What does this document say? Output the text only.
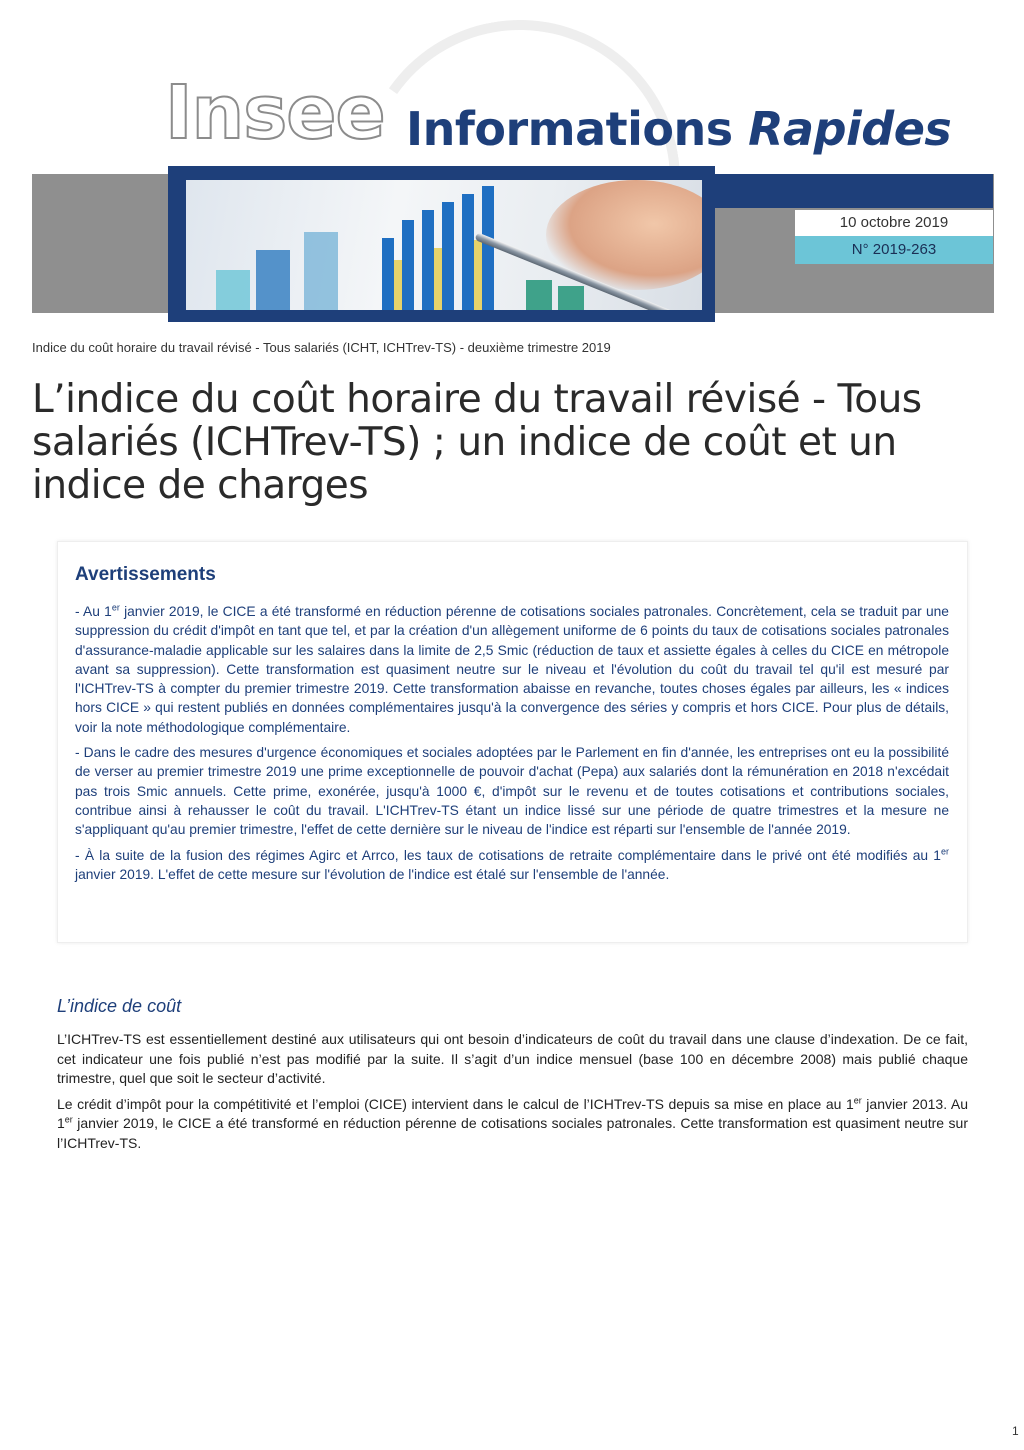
Insee Informations Rapides
10 octobre 2019
N° 2019-263
Indice du coût horaire du travail révisé - Tous salariés (ICHT, ICHTrev-TS) - deuxième trimestre 2019
L’indice du coût horaire du travail révisé - Tous salariés (ICHTrev-TS) ; un indice de coût et un indice de charges
Avertissements

- Au 1er janvier 2019, le CICE a été transformé en réduction pérenne de cotisations sociales patronales. Concrètement, cela se traduit par une suppression du crédit d'impôt en tant que tel, et par la création d'un allègement uniforme de 6 points du taux de cotisations sociales patronales d'assurance-maladie applicable sur les salaires dans la limite de 2,5 Smic (réduction de taux et assiette égales à celles du CICE en métropole avant sa suppression). Cette transformation est quasiment neutre sur le niveau et l'évolution du coût du travail tel qu'il est mesuré par l'ICHTrev-TS à compter du premier trimestre 2019. Cette transformation abaisse en revanche, toutes choses égales par ailleurs, les « indices hors CICE » qui restent publiés en données complémentaires jusqu'à la convergence des séries y compris et hors CICE. Pour plus de détails, voir la note méthodologique complémentaire.

- Dans le cadre des mesures d'urgence économiques et sociales adoptées par le Parlement en fin d'année, les entreprises ont eu la possibilité de verser au premier trimestre 2019 une prime exceptionnelle de pouvoir d'achat (Pepa) aux salariés dont la rémunération en 2018 n'excédait pas trois Smic annuels. Cette prime, exonérée, jusqu'à 1000 €, d'impôt sur le revenu et de toutes cotisations et contributions sociales, contribue ainsi à rehausser le coût du travail. L'ICHTrev-TS étant un indice lissé sur une période de quatre trimestres et la mesure ne s'appliquant qu'au premier trimestre, l'effet de cette dernière sur le niveau de l'indice est réparti sur l'ensemble de l'année 2019.

- À la suite de la fusion des régimes Agirc et Arrco, les taux de cotisations de retraite complémentaire dans le privé ont été modifiés au 1er janvier 2019. L'effet de cette mesure sur l'évolution de l'indice est étalé sur l'ensemble de l'année.

L’indice de coût

L’ICHTrev-TS est essentiellement destiné aux utilisateurs qui ont besoin d’indicateurs de coût du travail dans une clause d’indexation. De ce fait, cet indicateur une fois publié n’est pas modifié par la suite. Il s’agit d’un indice mensuel (base 100 en décembre 2008) mais publié chaque trimestre, quel que soit le secteur d’activité.

Le crédit d’impôt pour la compétitivité et l’emploi (CICE) intervient dans le calcul de l’ICHTrev-TS depuis sa mise en place au 1er janvier 2013. Au 1er janvier 2019, le CICE a été transformé en réduction pérenne de cotisations sociales patronales. Cette transformation est quasiment neutre sur l’ICHTrev-TS.

1
